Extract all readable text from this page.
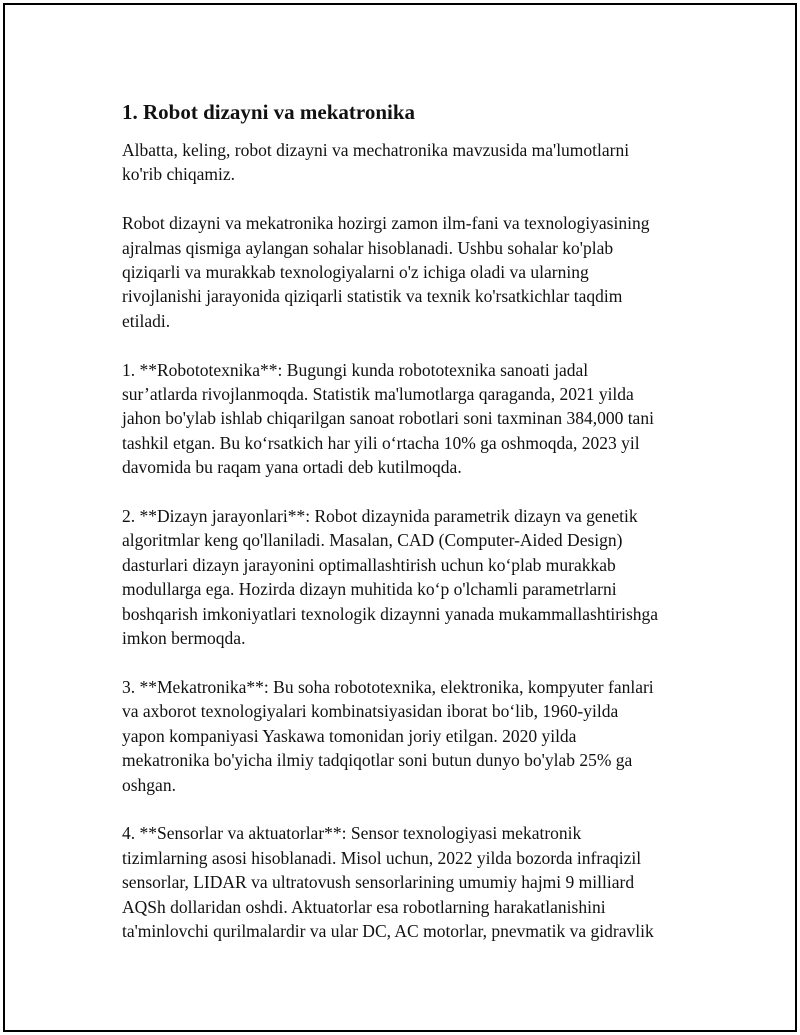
1. Robot dizayni va mekatronika

Albatta, keling, robot dizayni va mechatronika mavzusida ma'lumotlarni
ko'rib chiqamiz.

Robot dizayni va mekatronika hozirgi zamon ilm-fani va texnologiyasining
ajralmas qismiga aylangan sohalar hisoblanadi. Ushbu sohalar ko'plab
qiziqarli va murakkab texnologiyalarni o'z ichiga oladi va ularning
rivojlanishi jarayonida qiziqarli statistik va texnik ko'rsatkichlar taqdim
etiladi.

1. **Robototexnika**: Bugungi kunda robototexnika sanoati jadal
sur’atlarda rivojlanmoqda. Statistik ma'lumotlarga qaraganda, 2021 yilda
jahon bo'ylab ishlab chiqarilgan sanoat robotlari soni taxminan 384,000 tani
tashkil etgan. Bu ko‘rsatkich har yili o‘rtacha 10% ga oshmoqda, 2023 yil
davomida bu raqam yana ortadi deb kutilmoqda.

2. **Dizayn jarayonlari**: Robot dizaynida parametrik dizayn va genetik
algoritmlar keng qo'llaniladi. Masalan, CAD (Computer-Aided Design)
dasturlari dizayn jarayonini optimallashtirish uchun ko‘plab murakkab
modullarga ega. Hozirda dizayn muhitida ko‘p o'lchamli parametrlarni
boshqarish imkoniyatlari texnologik dizaynni yanada mukammallashtirishga
imkon bermoqda.

3. **Mekatronika**: Bu soha robototexnika, elektronika, kompyuter fanlari
va axborot texnologiyalari kombinatsiyasidan iborat bo‘lib, 1960-yilda
yapon kompaniyasi Yaskawa tomonidan joriy etilgan. 2020 yilda
mekatronika bo'yicha ilmiy tadqiqotlar soni butun dunyo bo'ylab 25% ga
oshgan.

4. **Sensorlar va aktuatorlar**: Sensor texnologiyasi mekatronik
tizimlarning asosi hisoblanadi. Misol uchun, 2022 yilda bozorda infraqizil
sensorlar, LIDAR va ultratovush sensorlarining umumiy hajmi 9 milliard
AQSh dollaridan oshdi. Aktuatorlar esa robotlarning harakatlanishini
ta'minlovchi qurilmalardir va ular DC, AC motorlar, pnevmatik va gidravlik
